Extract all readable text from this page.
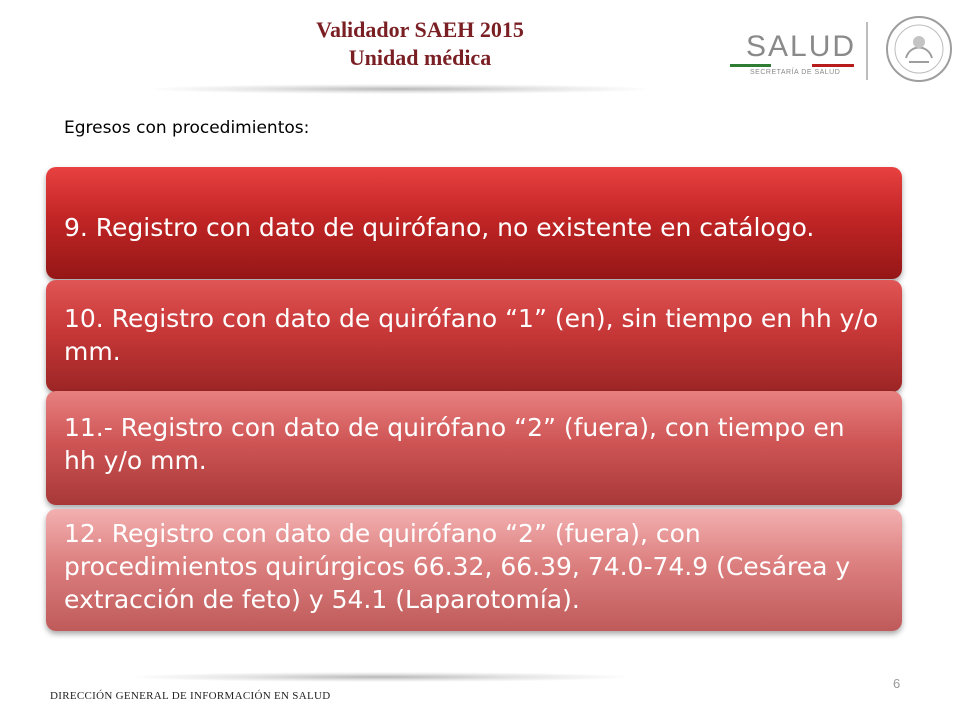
Validador SAEH 2015
Unidad médica	SALUD
SECRETARÍA DE SALUD
Egresos con procedimientos:
9. Registro con dato de quirófano, no existente en catálogo.
10. Registro con dato de quirófano “1” (en), sin tiempo en hh y/o mm.
11.- Registro con dato de quirófano “2” (fuera), con tiempo en hh y/o mm.
12. Registro con dato de quirófano “2” (fuera), con procedimientos quirúrgicos 66.32, 66.39, 74.0-74.9 (Cesárea y extracción de feto) y 54.1 (Laparotomía).
DIRECCIÓN GENERAL DE INFORMACIÓN EN SALUD
6
